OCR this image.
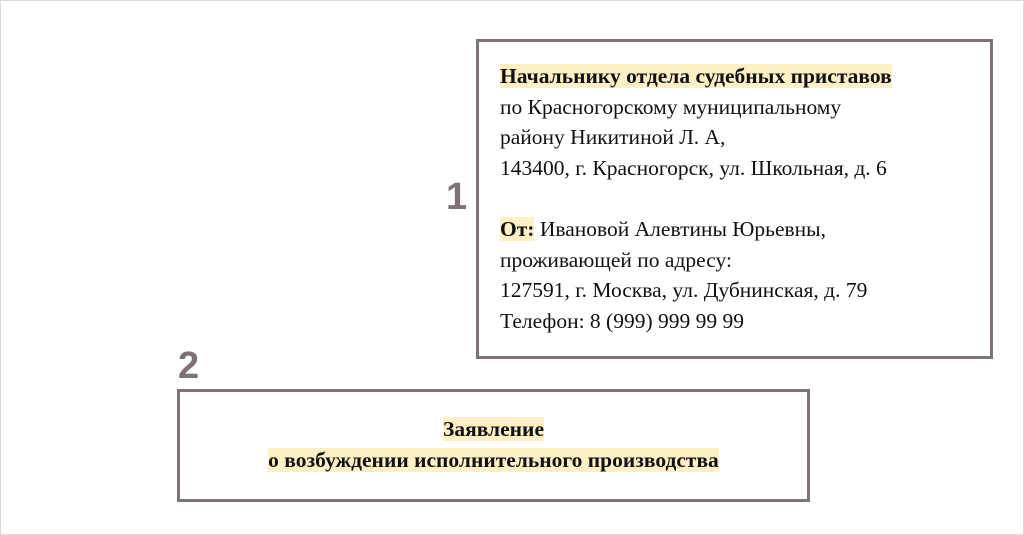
1
2
Начальнику отдела судебных приставов
по Красногорскому муниципальному
району Никитиной Л. А,
143400, г. Красногорск, ул. Школьная, д. 6
От: Ивановой Алевтины Юрьевны,
проживающей по адресу:
127591, г. Москва, ул. Дубнинская, д. 79
Телефон: 8 (999) 999 99 99
Заявление
о возбуждении исполнительного производства
